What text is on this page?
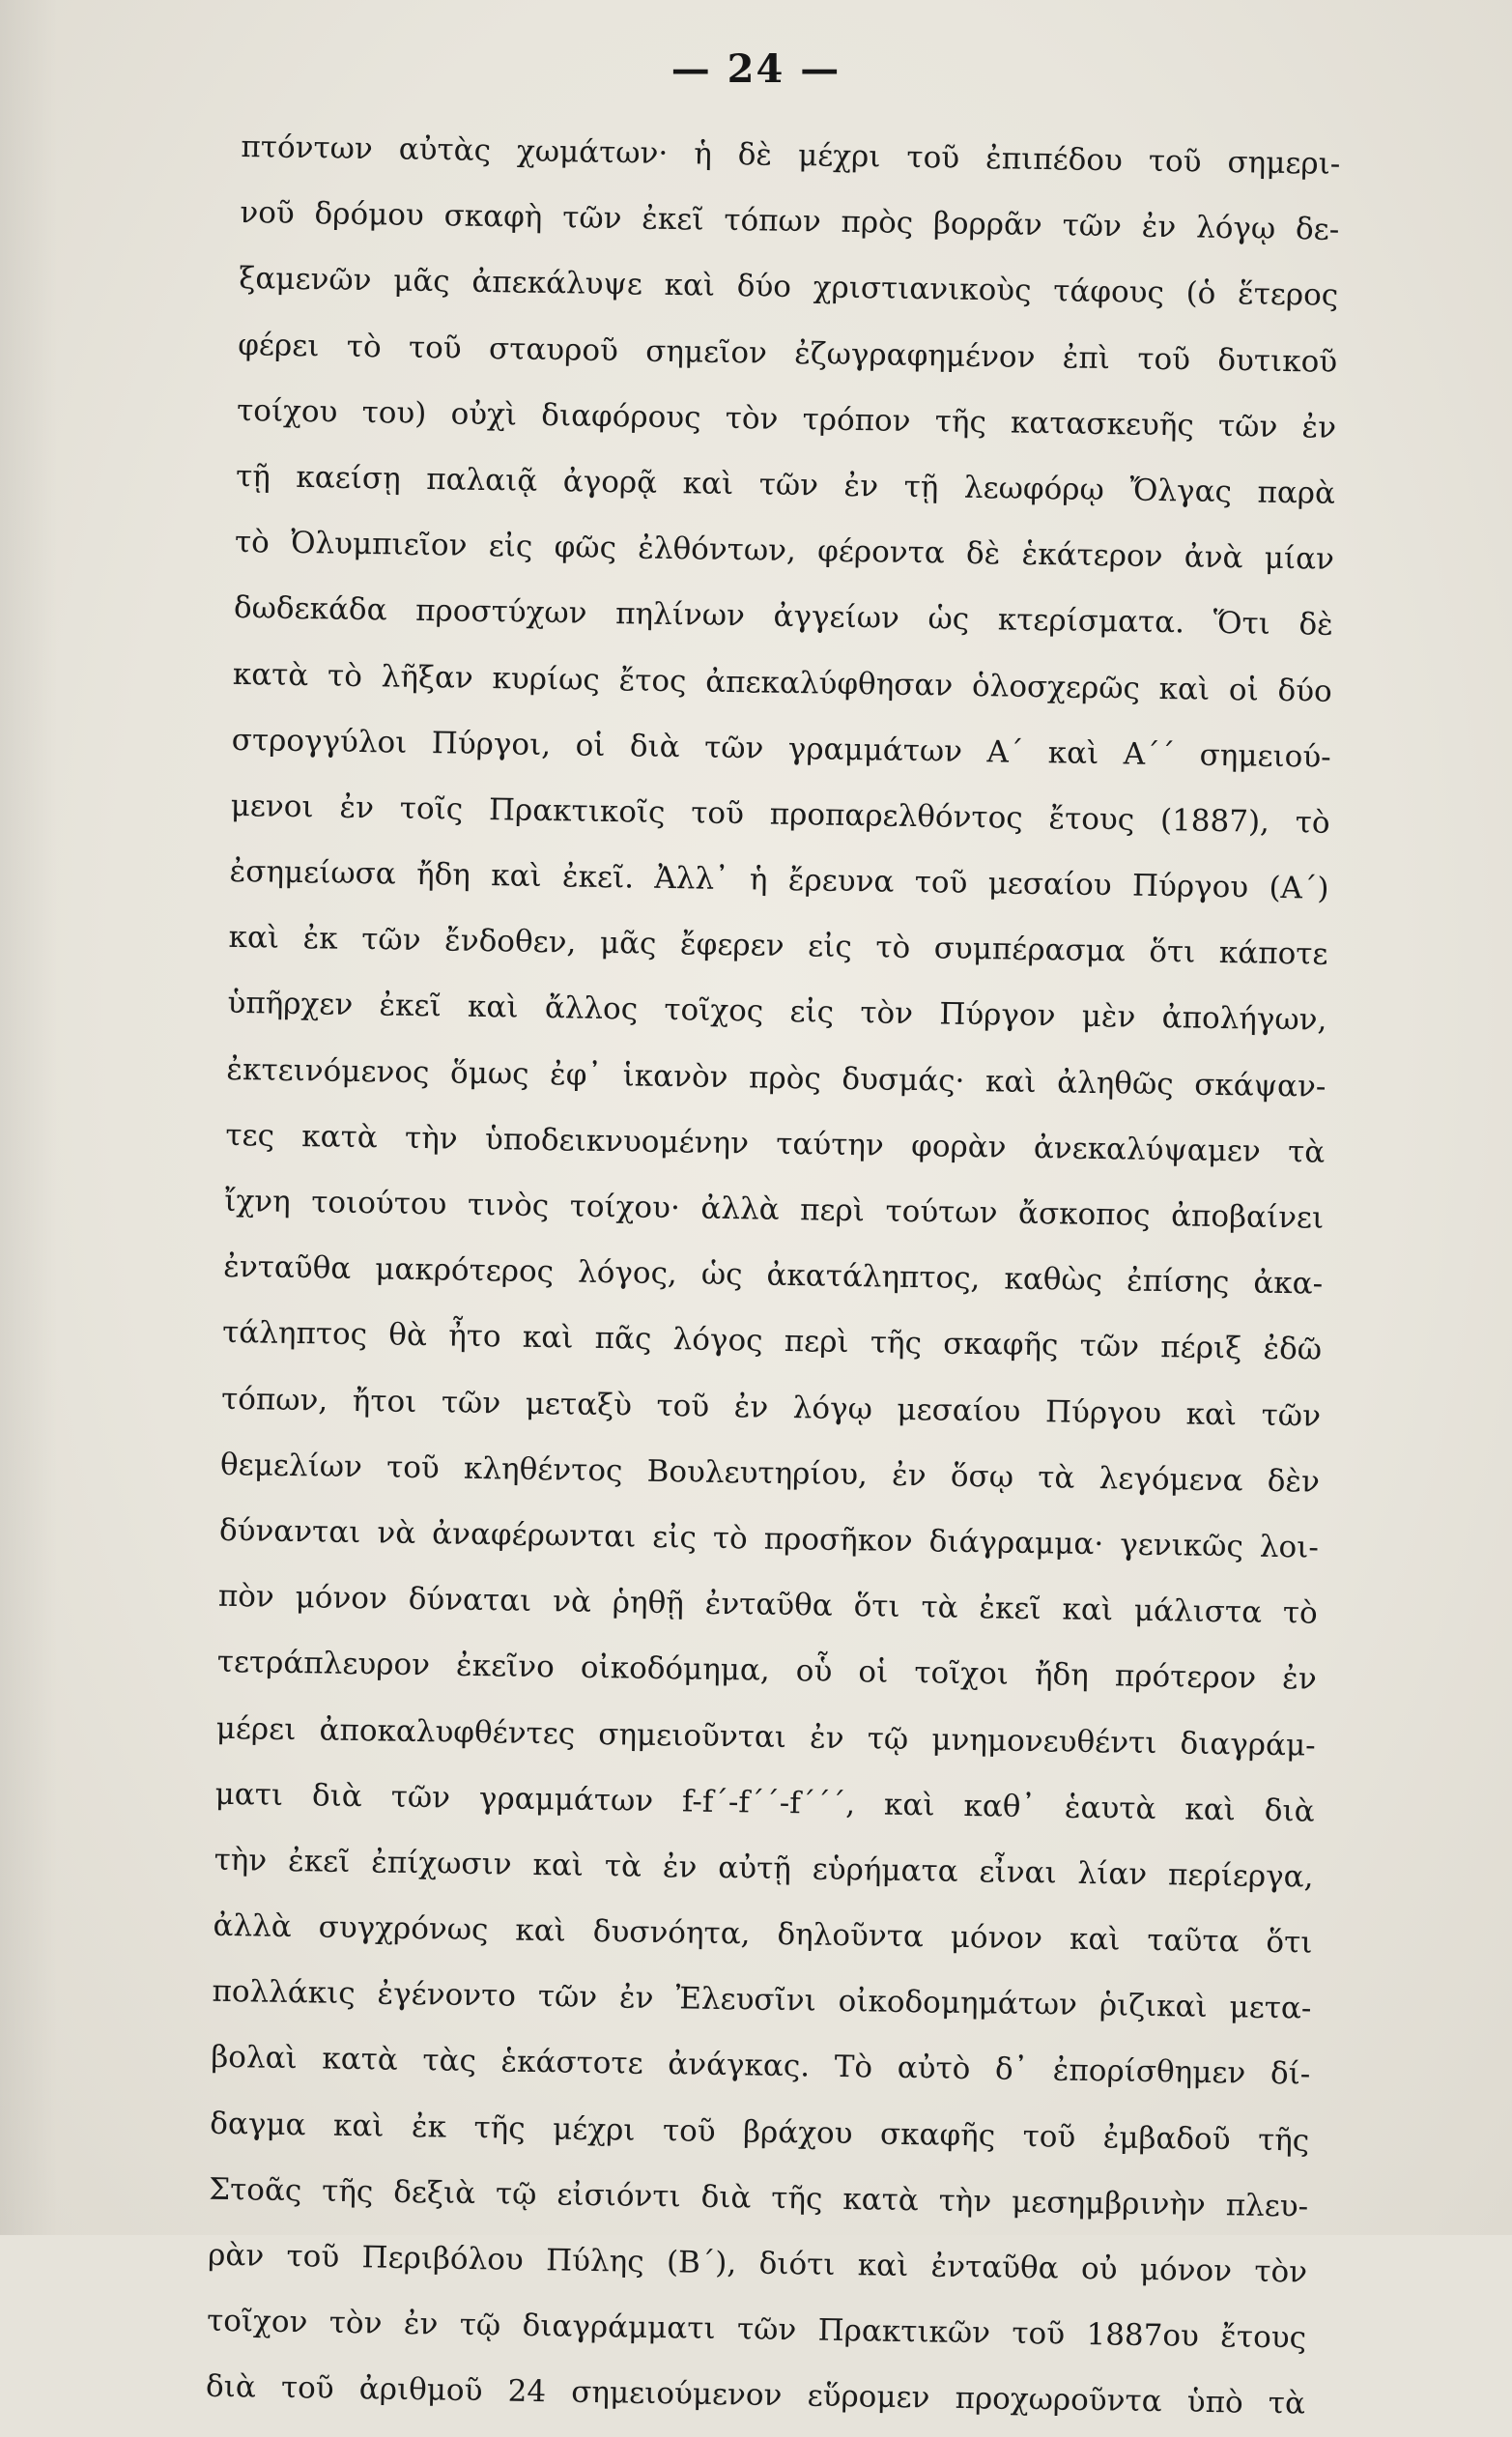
— 24 —
πτόντων αὐτὰς χωμάτων· ἡ δὲ μέχρι τοῦ ἐπιπέδου τοῦ σημερι-
νοῦ δρόμου σκαφὴ τῶν ἐκεῖ τόπων πρὸς βορρᾶν τῶν ἐν λόγῳ δε-
ξαμενῶν μᾶς ἀπεκάλυψε καὶ δύο χριστιανικοὺς τάφους (ὁ ἕτερος
φέρει τὸ τοῦ σταυροῦ σημεῖον ἐζωγραφημένον ἐπὶ τοῦ δυτικοῦ
τοίχου του) οὐχὶ διαφόρους τὸν τρόπον τῆς κατασκευῆς τῶν ἐν
τῇ καείσῃ παλαιᾷ ἀγορᾷ καὶ τῶν ἐν τῇ λεωφόρῳ Ὄλγας παρὰ
τὸ Ὀλυμπιεῖον εἰς φῶς ἐλθόντων, φέροντα δὲ ἑκάτερον ἀνὰ μίαν
δωδεκάδα προστύχων πηλίνων ἀγγείων ὡς κτερίσματα. Ὅτι δὲ
κατὰ τὸ λῆξαν κυρίως ἔτος ἀπεκαλύφθησαν ὁλοσχερῶς καὶ οἱ δύο
στρογγύλοι Πύργοι, οἱ διὰ τῶν γραμμάτων Α΄ καὶ Α΄΄ σημειού-
μενοι ἐν τοῖς Πρακτικοῖς τοῦ προπαρελθόντος ἔτους (1887), τὸ
ἐσημείωσα ἤδη καὶ ἐκεῖ. Ἀλλ᾿ ἡ ἔρευνα τοῦ μεσαίου Πύργου (Α΄)
καὶ ἐκ τῶν ἔνδοθεν, μᾶς ἔφερεν εἰς τὸ συμπέρασμα ὅτι κάποτε
ὑπῆρχεν ἐκεῖ καὶ ἄλλος τοῖχος εἰς τὸν Πύργον μὲν ἀπολήγων,
ἐκτεινόμενος ὅμως ἐφ᾿ ἱκανὸν πρὸς δυσμάς· καὶ ἀληθῶς σκάψαν-
τες κατὰ τὴν ὑποδεικνυομένην ταύτην φορὰν ἀνεκαλύψαμεν τὰ
ἴχνη τοιούτου τινὸς τοίχου· ἀλλὰ περὶ τούτων ἄσκοπος ἀποβαίνει
ἐνταῦθα μακρότερος λόγος, ὡς ἀκατάληπτος, καθὼς ἐπίσης ἀκα-
τάληπτος θὰ ἦτο καὶ πᾶς λόγος περὶ τῆς σκαφῆς τῶν πέριξ ἐδῶ
τόπων, ἤτοι τῶν μεταξὺ τοῦ ἐν λόγῳ μεσαίου Πύργου καὶ τῶν
θεμελίων τοῦ κληθέντος Βουλευτηρίου, ἐν ὅσῳ τὰ λεγόμενα δὲν
δύνανται νὰ ἀναφέρωνται εἰς τὸ προσῆκον διάγραμμα· γενικῶς λοι-
πὸν μόνον δύναται νὰ ῥηθῇ ἐνταῦθα ὅτι τὰ ἐκεῖ καὶ μάλιστα τὸ
τετράπλευρον ἐκεῖνο οἰκοδόμημα, οὗ οἱ τοῖχοι ἤδη πρότερον ἐν
μέρει ἀποκαλυφθέντες σημειοῦνται ἐν τῷ μνημονευθέντι διαγράμ-
ματι διὰ τῶν γραμμάτων f-f΄-f΄΄-f΄΄΄, καὶ καθ᾿ ἑαυτὰ καὶ διὰ
τὴν ἐκεῖ ἐπίχωσιν καὶ τὰ ἐν αὐτῇ εὑρήματα εἶναι λίαν περίεργα,
ἀλλὰ συγχρόνως καὶ δυσνόητα, δηλοῦντα μόνον καὶ ταῦτα ὅτι
πολλάκις ἐγένοντο τῶν ἐν Ἐλευσῖνι οἰκοδομημάτων ῥιζικαὶ μετα-
βολαὶ κατὰ τὰς ἑκάστοτε ἀνάγκας. Τὸ αὐτὸ δ᾿ ἐπορίσθημεν δί-
δαγμα καὶ ἐκ τῆς μέχρι τοῦ βράχου σκαφῆς τοῦ ἐμβαδοῦ τῆς
Στοᾶς τῆς δεξιὰ τῷ εἰσιόντι διὰ τῆς κατὰ τὴν μεσημβρινὴν πλευ-
ρὰν τοῦ Περιβόλου Πύλης (Β΄), διότι καὶ ἐνταῦθα οὐ μόνον τὸν
τοῖχον τὸν ἐν τῷ διαγράμματι τῶν Πρακτικῶν τοῦ 1887ου ἔτους
διὰ τοῦ ἀριθμοῦ 24 σημειούμενον εὕρομεν προχωροῦντα ὑπὸ τὰ
